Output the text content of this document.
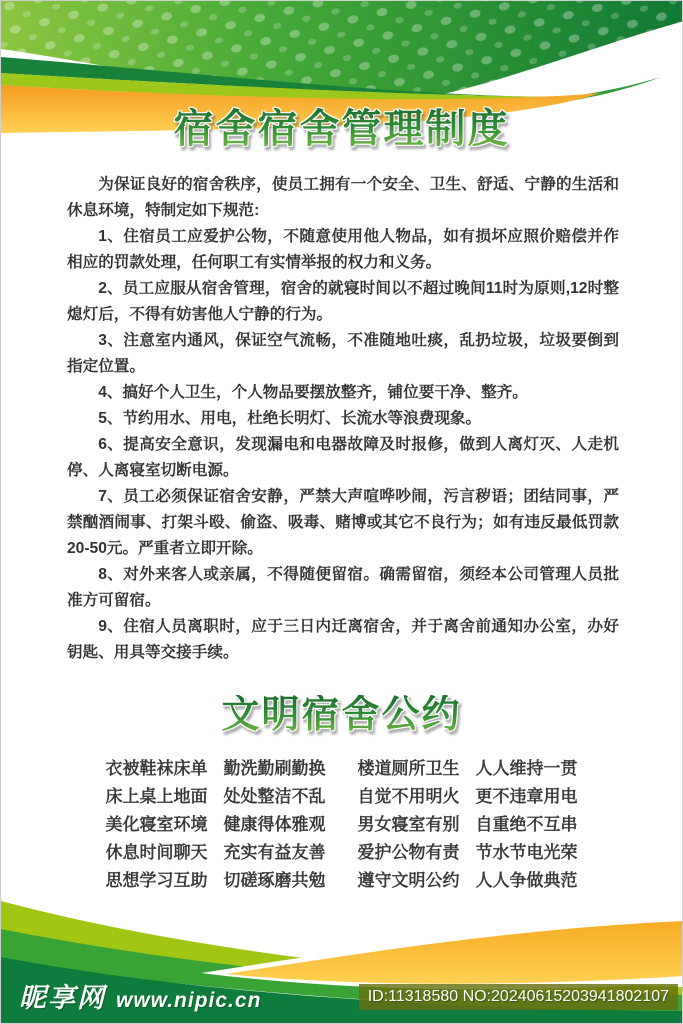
宿舍宿舍管理制度

为保证良好的宿舍秩序，使员工拥有一个安全、卫生、舒适、宁静的生活和休息环境，特制定如下规范:

1、住宿员工应爱护公物，不随意使用他人物品，如有损坏应照价赔偿并作相应的罚款处理，任何职工有实情举报的权力和义务。

2、员工应服从宿舍管理，宿舍的就寝时间以不超过晚间11时为原则,12时整熄灯后，不得有妨害他人宁静的行为。

3、注意室内通风，保证空气流畅，不准随地吐痰，乱扔垃圾，垃圾要倒到指定位置。

4、搞好个人卫生，个人物品要摆放整齐，铺位要干净、整齐。

5、节约用水、用电，杜绝长明灯、长流水等浪费现象。

6、提高安全意识，发现漏电和电器故障及时报修，做到人离灯灭、人走机停、人离寝室切断电源。

7、员工必须保证宿舍安静，严禁大声喧哗吵闹，污言秽语；团结同事，严禁酗酒闹事、打架斗殴、偷盗、吸毒、赌博或其它不良行为；如有违反最低罚款20-50元。严重者立即开除。

8、对外来客人或亲属，不得随便留宿。确需留宿，须经本公司管理人员批准方可留宿。

9、住宿人员离职时，应于三日内迁离宿舍，并于离舍前通知办公室，办好钥匙、用具等交接手续。

文明宿舍公约
衣被鞋袜床单 勤洗勤刷勤换 楼道厕所卫生 人人维持一贯
床上桌上地面 处处整洁不乱 自觉不用明火 更不违章用电
美化寝室环境 健康得体雅观 男女寝室有别 自重绝不互串
休息时间聊天 充实有益友善 爱护公物有责 节水节电光荣
思想学习互助 切磋琢磨共勉 遵守文明公约 人人争做典范
昵享网 www.nipic.cn	ID:11318580 NO:20240615203941802107
